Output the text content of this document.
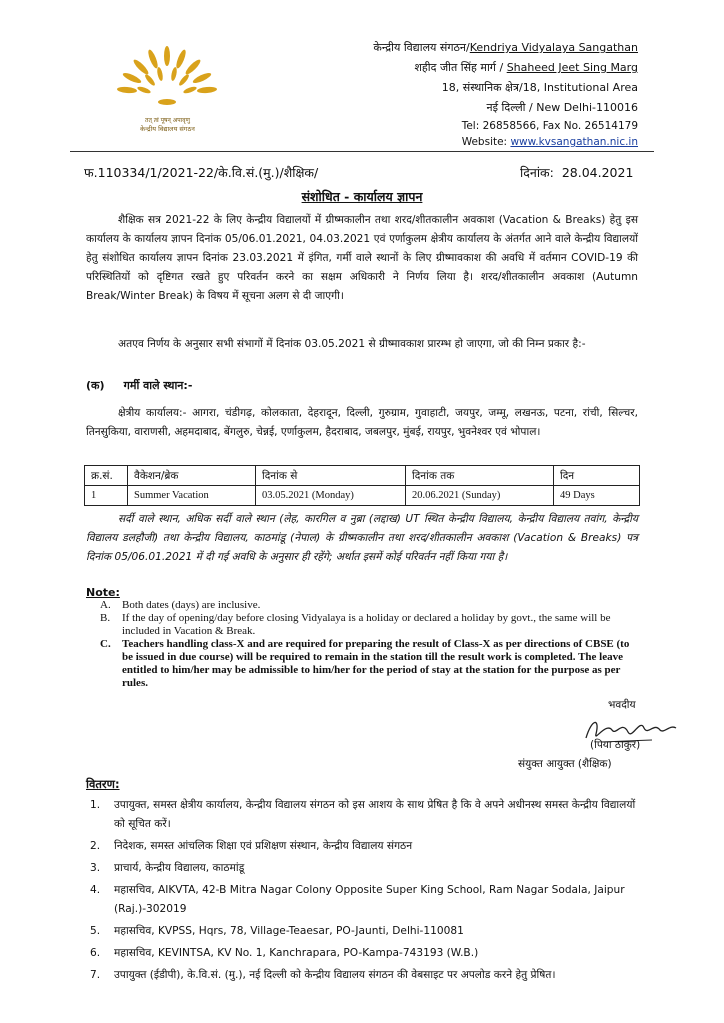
तत् त्वं पूषन् अपावृणु
केन्द्रीय विद्यालय संगठन
केन्द्रीय विद्यालय संगठन/Kendriya Vidyalaya Sangathan
शहीद जीत सिंह मार्ग / Shaheed Jeet Sing Marg
18, संस्थानिक क्षेत्र/18, Institutional Area
नई दिल्ली / New Delhi-110016
Tel: 26858566, Fax No. 26514179
Website: www.kvsangathan.nic.in
फ.110334/1/2021-22/के.वि.सं.(मु.)/शैक्षिक/	दिनांक: 28.04.2021
संशोधित - कार्यालय ज्ञापन
शैक्षिक सत्र 2021-22 के लिए केन्द्रीय विद्यालयों में ग्रीष्मकालीन तथा शरद/शीतकालीन अवकाश (Vacation & Breaks) हेतु इस कार्यालय के कार्यालय ज्ञापन दिनांक 05/06.01.2021, 04.03.2021 एवं एर्णाकुलम क्षेत्रीय कार्यालय के अंतर्गत आने वाले केन्द्रीय विद्यालयों हेतु संशोधित कार्यालय ज्ञापन दिनांक 23.03.2021 में इंगित, गर्मी वाले स्थानों के लिए ग्रीष्मावकाश की अवधि में वर्तमान COVID-19 की परिस्थितियों को दृष्टिगत रखते हुए परिवर्तन करने का सक्षम अधिकारी ने निर्णय लिया है। शरद/शीतकालीन अवकाश (Autumn Break/Winter Break) के विषय में सूचना अलग से दी जाएगी।
अतएव निर्णय के अनुसार सभी संभागों में दिनांक 03.05.2021 से ग्रीष्मावकाश प्रारम्भ हो जाएगा, जो की निम्न प्रकार है:-
(क) गर्मी वाले स्थान:-
क्षेत्रीय कार्यालय:- आगरा, चंडीगढ़, कोलकाता, देहरादून, दिल्ली, गुरुग्राम, गुवाहाटी, जयपुर, जम्मू, लखनऊ, पटना, रांची, सिल्चर, तिनसुकिया, वाराणसी, अहमदाबाद, बेंगलुरु, चेन्नई, एर्णाकुलम, हैदराबाद, जबलपुर, मुंबई, रायपुर, भुवनेश्वर एवं भोपाल।
क्र.सं.	वैकेशन/ब्रेक	दिनांक से	दिनांक तक	दिन
1	Summer Vacation	03.05.2021 (Monday)	20.06.2021 (Sunday)	49 Days
सर्दी वाले स्थान, अधिक सर्दी वाले स्थान (लेह, कारगिल व नुब्रा (लद्दाख) UT स्थित केन्द्रीय विद्यालय, केन्द्रीय विद्यालय तवांग, केन्द्रीय विद्यालय डलहौजी) तथा केन्द्रीय विद्यालय, काठमांडू (नेपाल) के ग्रीष्मकालीन तथा शरद/शीतकालीन अवकाश (Vacation & Breaks) पत्र दिनांक 05/06.01.2021 में दी गई अवधि के अनुसार ही रहेंगे; अर्थात इसमें कोई परिवर्तन नहीं किया गया है।
Note:
A. Both dates (days) are inclusive.
B. If the day of opening/day before closing Vidyalaya is a holiday or declared a holiday by govt., the same will be included in Vacation & Break.
C. Teachers handling class-X and are required for preparing the result of Class-X as per directions of CBSE (to be issued in due course) will be required to remain in the station till the result work is completed. The leave entitled to him/her may be admissible to him/her for the period of stay at the station for the purpose as per rules.
भवदीय
(पिया ठाकुर)
संयुक्त आयुक्त (शैक्षिक)
वितरण:
1. उपायुक्त, समस्त क्षेत्रीय कार्यालय, केन्द्रीय विद्यालय संगठन को इस आशय के साथ प्रेषित है कि वे अपने अधीनस्थ समस्त केन्द्रीय विद्यालयों को सूचित करें।
2. निदेशक, समस्त आंचलिक शिक्षा एवं प्रशिक्षण संस्थान, केन्द्रीय विद्यालय संगठन
3. प्राचार्य, केन्द्रीय विद्यालय, काठमांडू
4. महासचिव, AIKVTA, 42-B Mitra Nagar Colony Opposite Super King School, Ram Nagar Sodala, Jaipur (Raj.)-302019
5. महासचिव, KVPSS, Hqrs, 78, Village-Teaesar, PO-Jaunti, Delhi-110081
6. महासचिव, KEVINTSA, KV No. 1, Kanchrapara, PO-Kampa-743193 (W.B.)
7. उपायुक्त (ईडीपी), के.वि.सं. (मु.), नई दिल्ली को केन्द्रीय विद्यालय संगठन की वेबसाइट पर अपलोड करने हेतु प्रेषित।
